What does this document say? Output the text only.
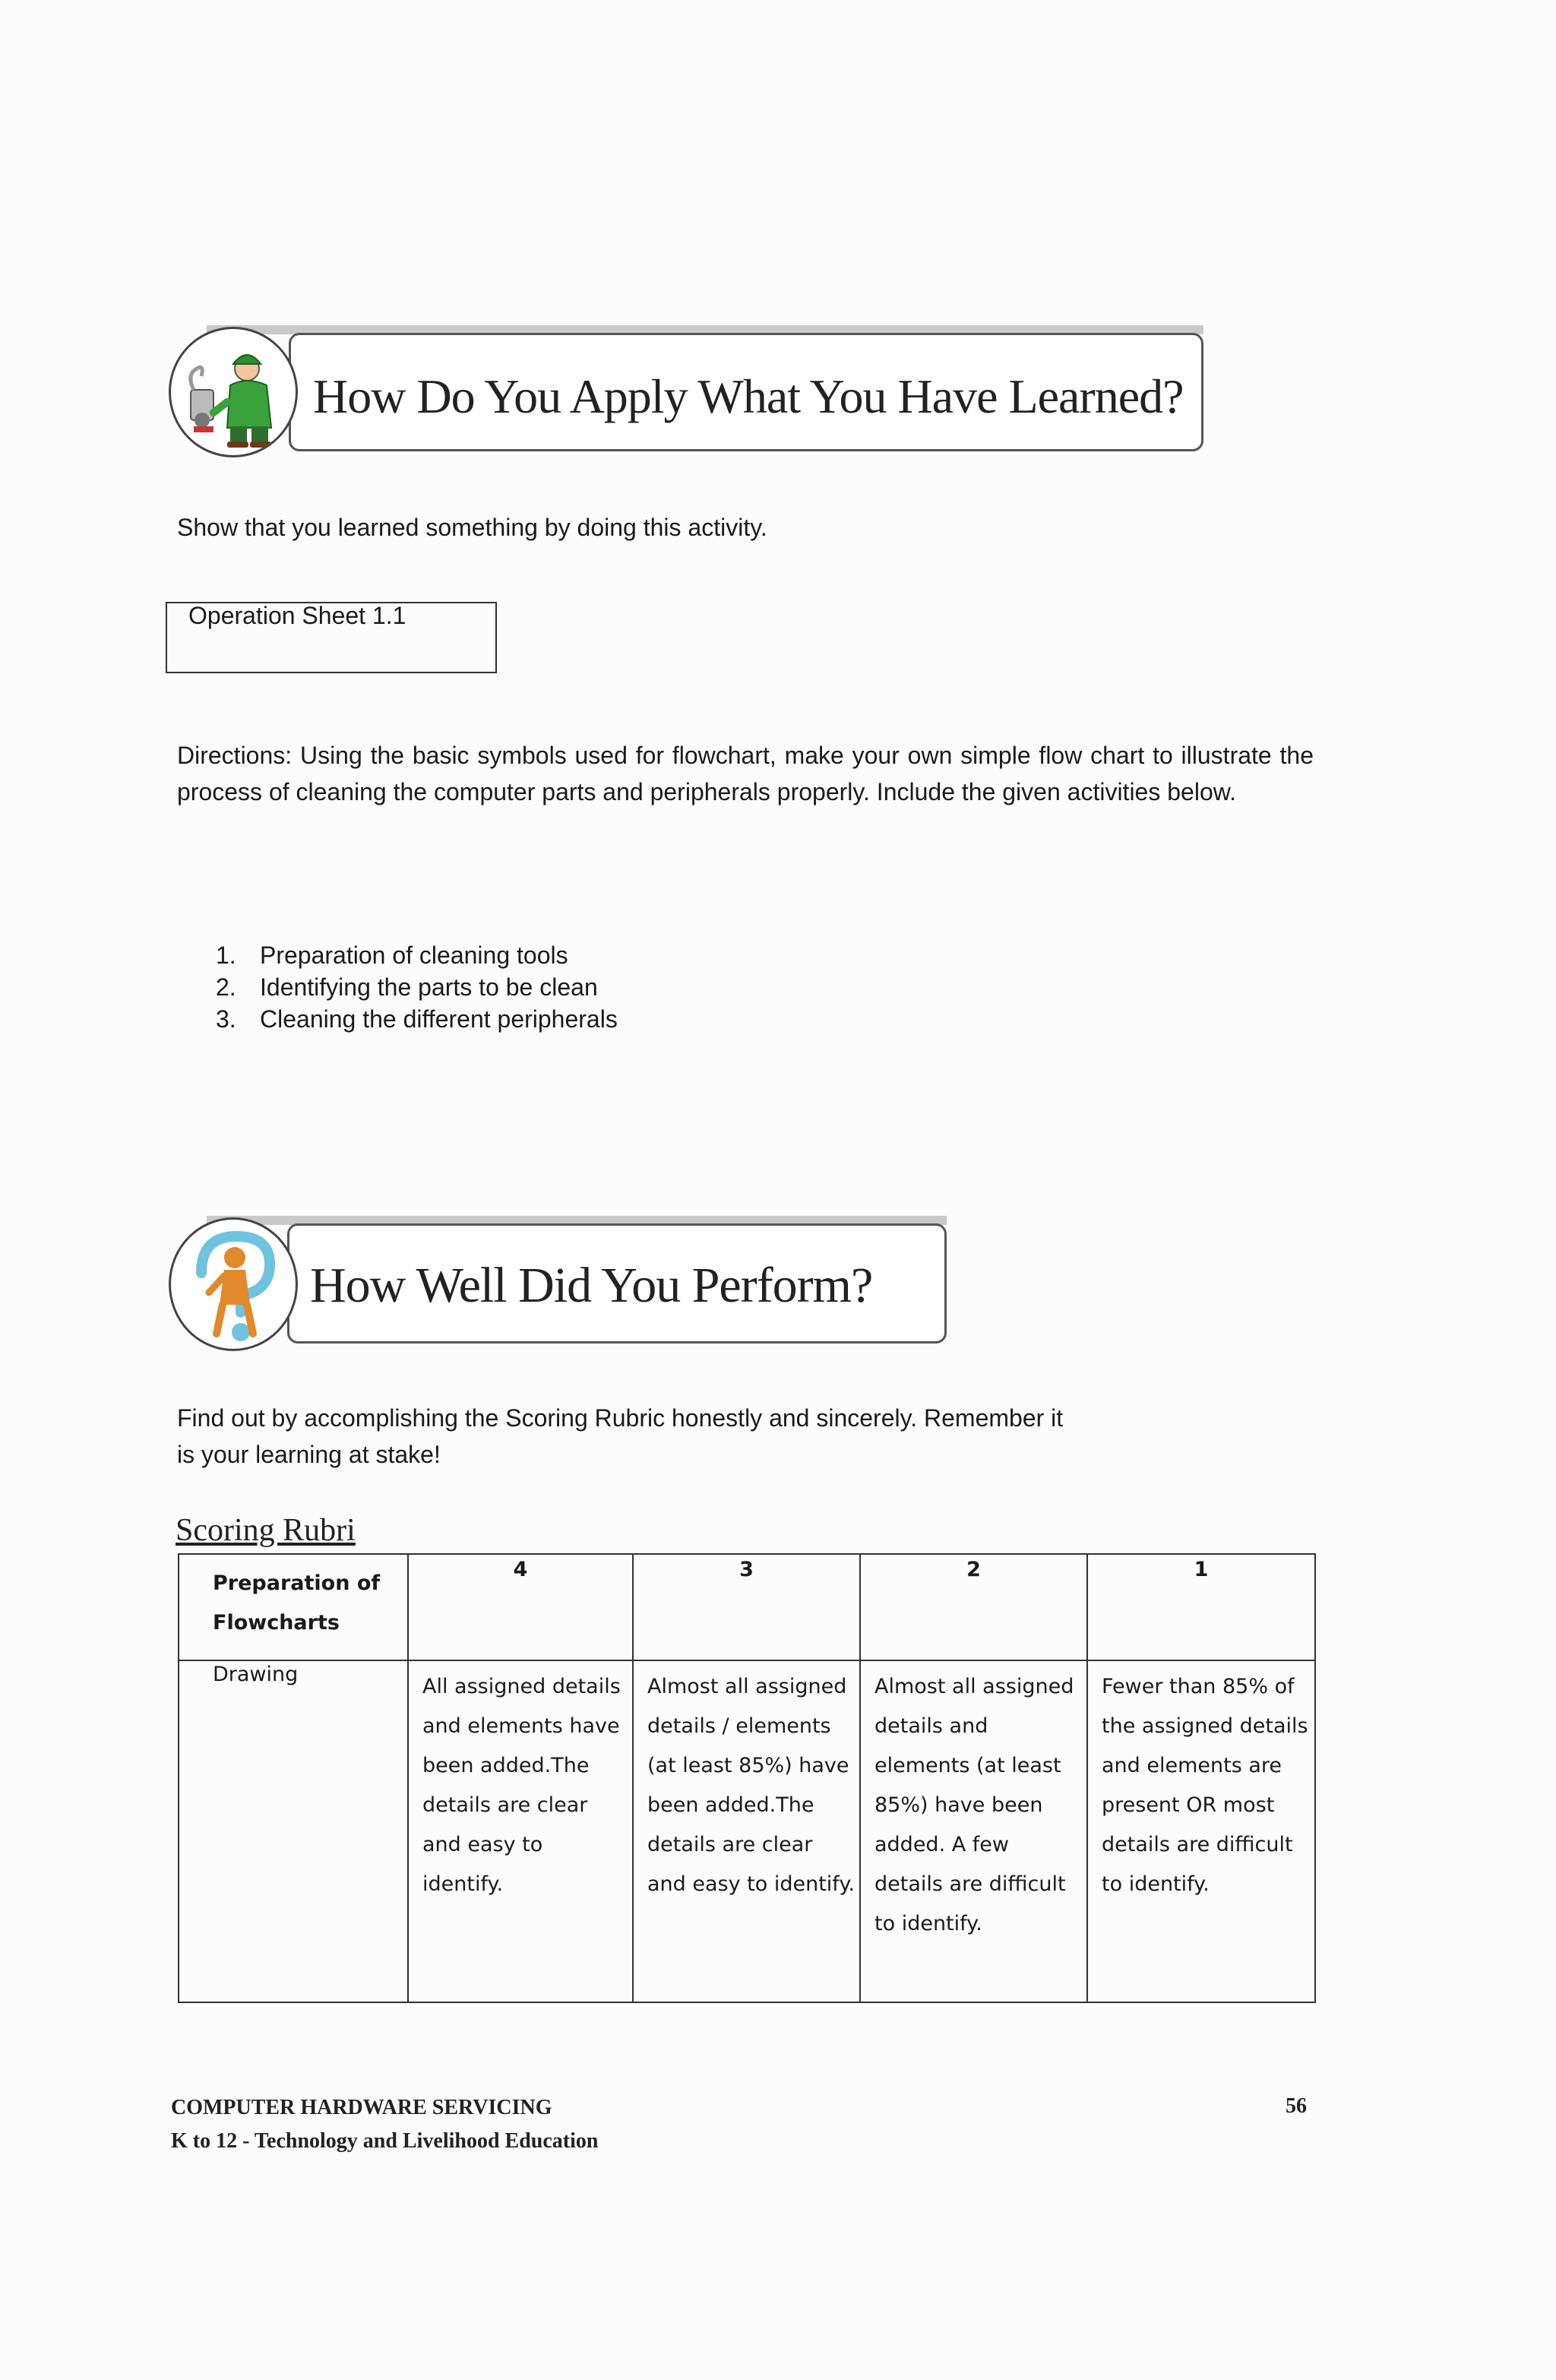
How Do You Apply What You Have Learned?
Show that you learned something by doing this activity.
Operation Sheet 1.1
Directions: Using the basic symbols used for flowchart, make your own simple flow chart to illustrate the process of cleaning the computer parts and peripherals properly. Include the given activities below.
1. Preparation of cleaning tools
2. Identifying the parts to be clean
3. Cleaning the different peripherals
How Well Did You Perform?
Find out by accomplishing the Scoring Rubric honestly and sincerely. Remember it
is your learning at stake!
Scoring Rubri
Preparation of
Flowcharts	4	3	2	1
Drawing	All assigned details and elements have been added.The details are clear and easy to identify.	Almost all assigned details / elements (at least 85%) have been added.The details are clear and easy to identify.	Almost all assigned details and elements (at least 85%) have been added. A few details are difficult to identify.	Fewer than 85% of the assigned details and elements are present OR most details are difficult to identify.
COMPUTER HARDWARE SERVICING
K to 12 - Technology and Livelihood Education
56
